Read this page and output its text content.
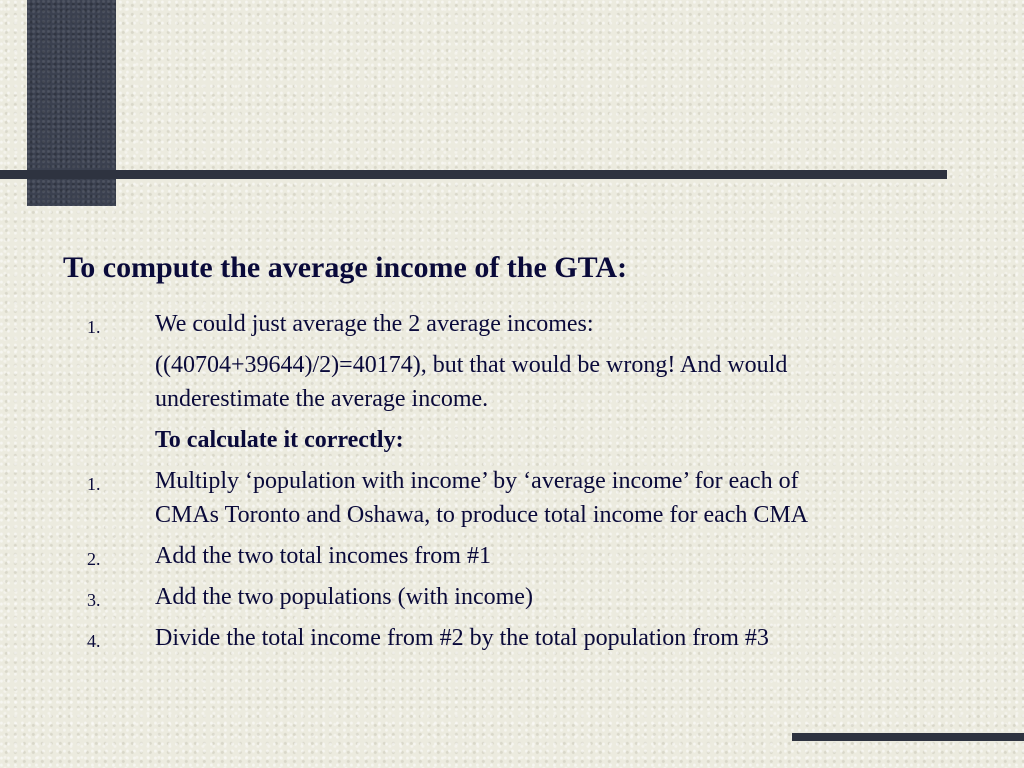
To compute the average income of the GTA:
1. We could just average the 2 average incomes:
((40704+39644)/2)=40174), but that would be wrong! And would
underestimate the average income.
To calculate it correctly:
1. Multiply ‘population with income’ by ‘average income’ for each of
CMAs Toronto and Oshawa, to produce total income for each CMA
2. Add the two total incomes from #1
3. Add the two populations (with income)
4. Divide the total income from #2 by the total population from #3
